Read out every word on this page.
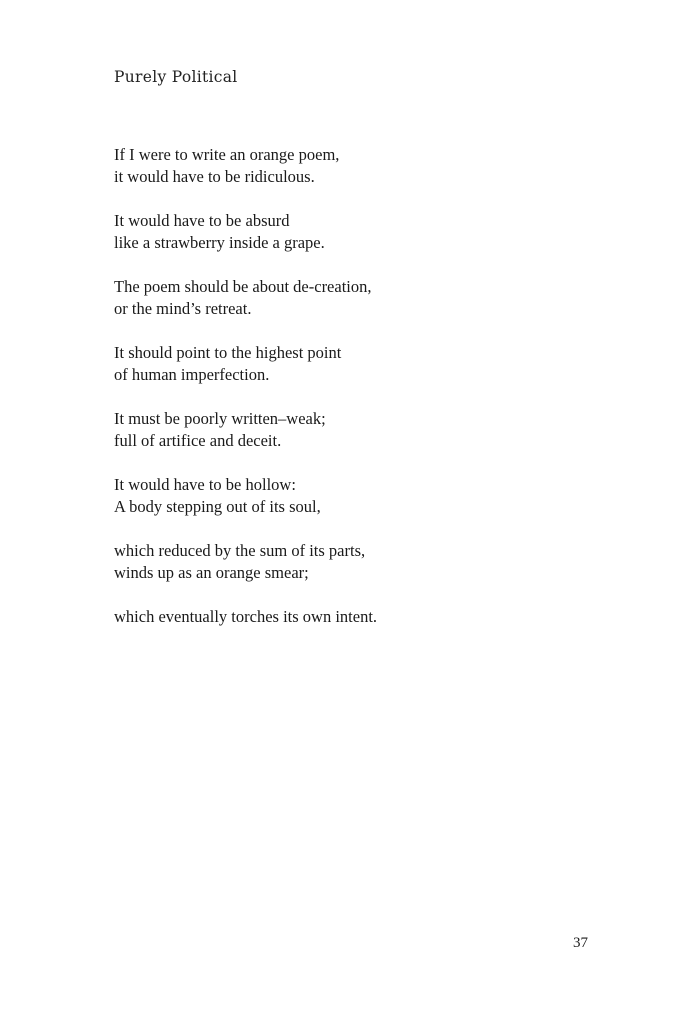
Purely Political

If I were to write an orange poem,
it would have to be ridiculous.

It would have to be absurd
like a strawberry inside a grape.

The poem should be about de-creation,
or the mind’s retreat.

It should point to the highest point
of human imperfection.

It must be poorly written–weak;
full of artifice and deceit.

It would have to be hollow:
A body stepping out of its soul,

which reduced by the sum of its parts,
winds up as an orange smear;

which eventually torches its own intent.

37
